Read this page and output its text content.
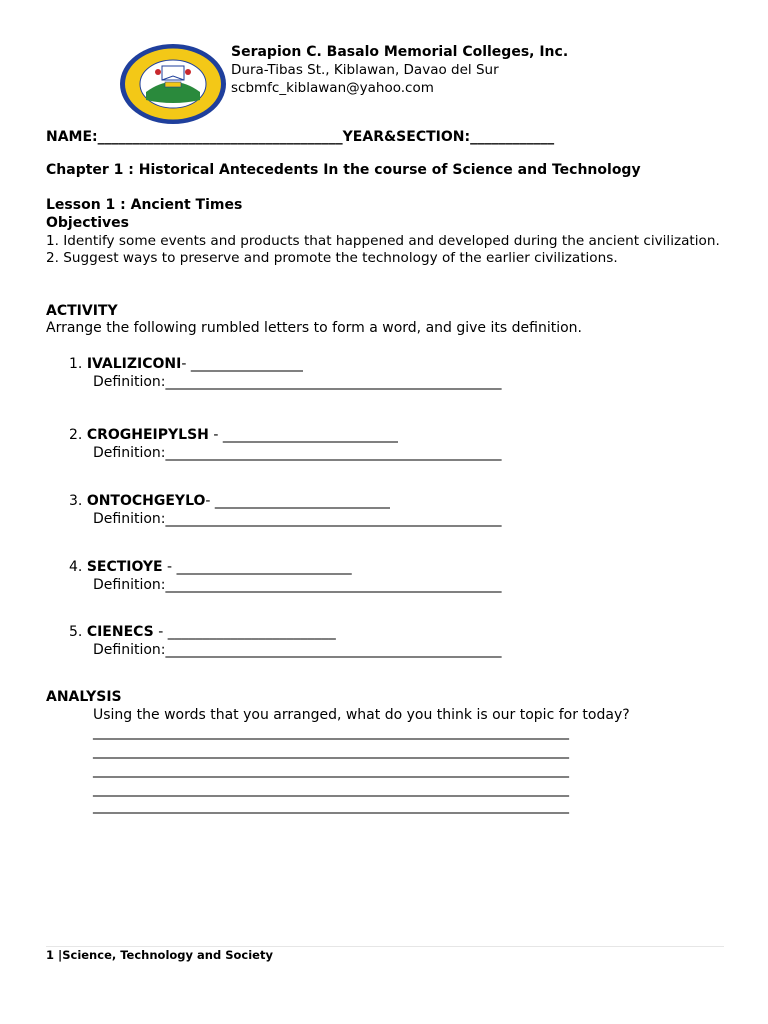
Serapion C. Basalo Memorial Colleges, Inc.
Dura-Tibas St., Kiblawan, Davao del Sur
scbmfc_kiblawan@yahoo.com
NAME:___________________________________YEAR&SECTION:____________
Chapter 1 : Historical Antecedents In the course of Science and Technology
Lesson 1 : Ancient Times
Objectives
1. Identify some events and products that happened and developed during the ancient civilization.
2. Suggest ways to preserve and promote the technology of the earlier civilizations.
ACTIVITY
Arrange the following rumbled letters to form a word, and give its definition.
1. IVALIZICONI- ________________
Definition:________________________________________________
2. CROGHEIPYLSH - _________________________
Definition:________________________________________________
3. ONTOCHGEYLO- _________________________
Definition:________________________________________________
4. SECTIOYE - _________________________
Definition:________________________________________________
5. CIENECS - ________________________
Definition:________________________________________________
ANALYSIS
Using the words that you arranged, what do you think is our topic for today?
____________________________________________________________________
____________________________________________________________________
____________________________________________________________________
____________________________________________________________________
____________________________________________________________________
1 |Science, Technology and Society
